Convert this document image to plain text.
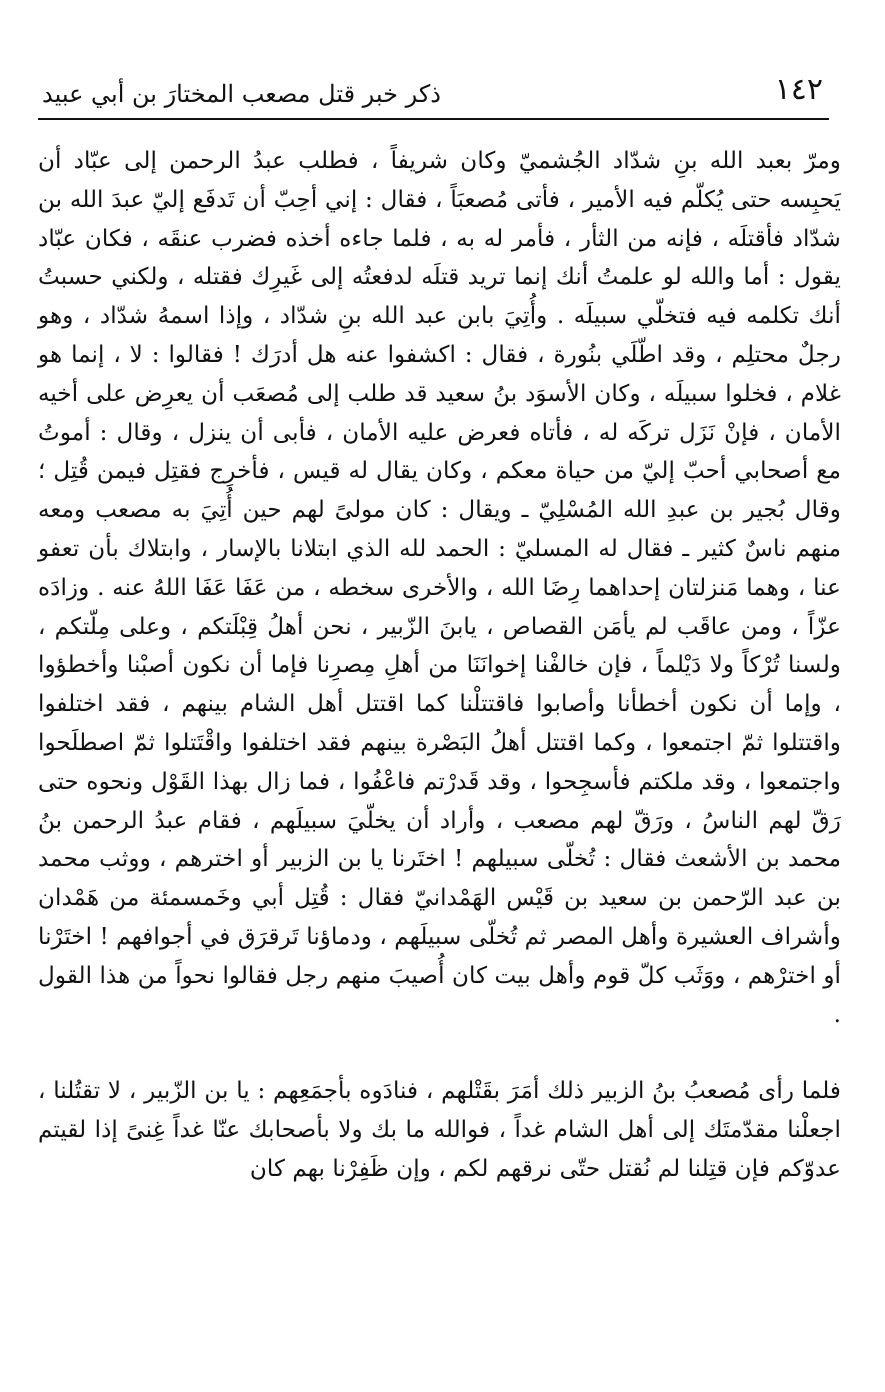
١٤٢
ذكر خبر قتل مصعب المختارَ بن أبي عبيد

ومرّ بعبد الله بنِ شدّاد الجُشميّ وكان شريفاً ، فطلب عبدُ الرحمن إلى عبّاد أن يَحبِسه حتى يُكلّم فيه الأمير ، فأتى مُصعبَاً ، فقال : إني أحِبّ أن تَدفَع إليّ عبدَ الله بن شدّاد فأقتلَه ، فإنه من الثأر ، فأمر له به ، فلما جاءه أخذه فضرب عنقَه ، فكان عبّاد يقول : أما والله لو علمتُ أنك إنما تريد قتلَه لدفعتُه إلى غَيرِك فقتله ، ولكني حسبتُ أنك تكلمه فيه فتخلّي سبيلَه . وأُتِيَ بابن عبد الله بنِ شدّاد ، وإذا اسمهُ شدّاد ، وهو رجلٌ محتلِم ، وقد اطّلَي بنُورة ، فقال : اكشفوا عنه هل أدرَك ! فقالوا : لا ، إنما هو غلام ، فخلوا سبيلَه ، وكان الأسوَد بنُ سعيد قد طلب إلى مُصعَب أن يعرِض على أخيه الأمان ، فإنْ نَزَل تركَه له ، فأتاه فعرض عليه الأمان ، فأبى أن ينزل ، وقال : أموتُ مع أصحابي أحبّ إليّ من حياة معكم ، وكان يقال له قيس ، فأخرِج فقتِل فيمن قُتِل ؛ وقال بُجير بن عبدِ الله المُسْلِيّ ـ ويقال : كان مولىً لهم حين أُتِيَ به مصعب ومعه منهم ناسٌ كثير ـ فقال له المسليّ : الحمد لله الذي ابتلانا بالإسار ، وابتلاك بأن تعفو عنا ، وهما مَنزلتان إحداهما رِضَا الله ، والأخرى سخطه ، من عَفَا عَفَا اللهُ عنه . وزادَه عزّاً ، ومن عاقَب لم يأمَن القصاص ، يابنَ الزّبير ، نحن أهلُ قِبْلَتكم ، وعلى مِلّتكم ، ولسنا تُرْكاً ولا دَيْلماً ، فإن خالفْنا إخوانَنَا من أهلِ مِصرِنا فإما أن نكون أصبْنا وأخطؤوا ، وإما أن نكون أخطأنا وأصابوا فاقتتلْنا كما اقتتل أهل الشام بينهم ، فقد اختلفوا واقتتلوا ثمّ اجتمعوا ، وكما اقتتل أهلُ البَصْرة بينهم فقد اختلفوا واقْتَتلوا ثمّ اصطلَحوا واجتمعوا ، وقد ملكتم فأسجِحوا ، وقد قَدرْتم فاعْفُوا ، فما زال بهذا القَوْل ونحوه حتى رَقّ لهم الناسُ ، ورَقّ لهم مصعب ، وأراد أن يخلّيَ سبيلَهم ، فقام عبدُ الرحمن بنُ محمد بن الأشعث فقال : تُخلّى سبيلهم ! اختَرنا يا بن الزبير أو اخترهم ، ووثب محمد بن عبد الرّحمن بن سعيد بن قَيْس الهَمْدانيّ فقال : قُتِل أبي وخَمسمئة من هَمْدان وأشراف العشيرة وأهل المصر ثم تُخلّى سبيلَهم ، ودماؤنا تَرقرَق في أجوافهم ! اختَرْنا أو اخترْهم ، ووَثَب كلّ قوم وأهل بيت كان أُصيبَ منهم رجل فقالوا نحواً من هذا القول .

فلما رأى مُصعبُ بنُ الزبير ذلك أمَرَ بقَتْلهم ، فنادَوه بأجمَعِهم : يا بن الزّبير ، لا تقتُلنا ، اجعلْنا مقدّمتَك إلى أهل الشام غداً ، فوالله ما بك ولا بأصحابك عنّا غداً غِنىً إذا لقيتم عدوّكم فإن قتِلنا لم نُقتل حتّى نرقهم لكم ، وإن ظَفِرْنا بهم كان
